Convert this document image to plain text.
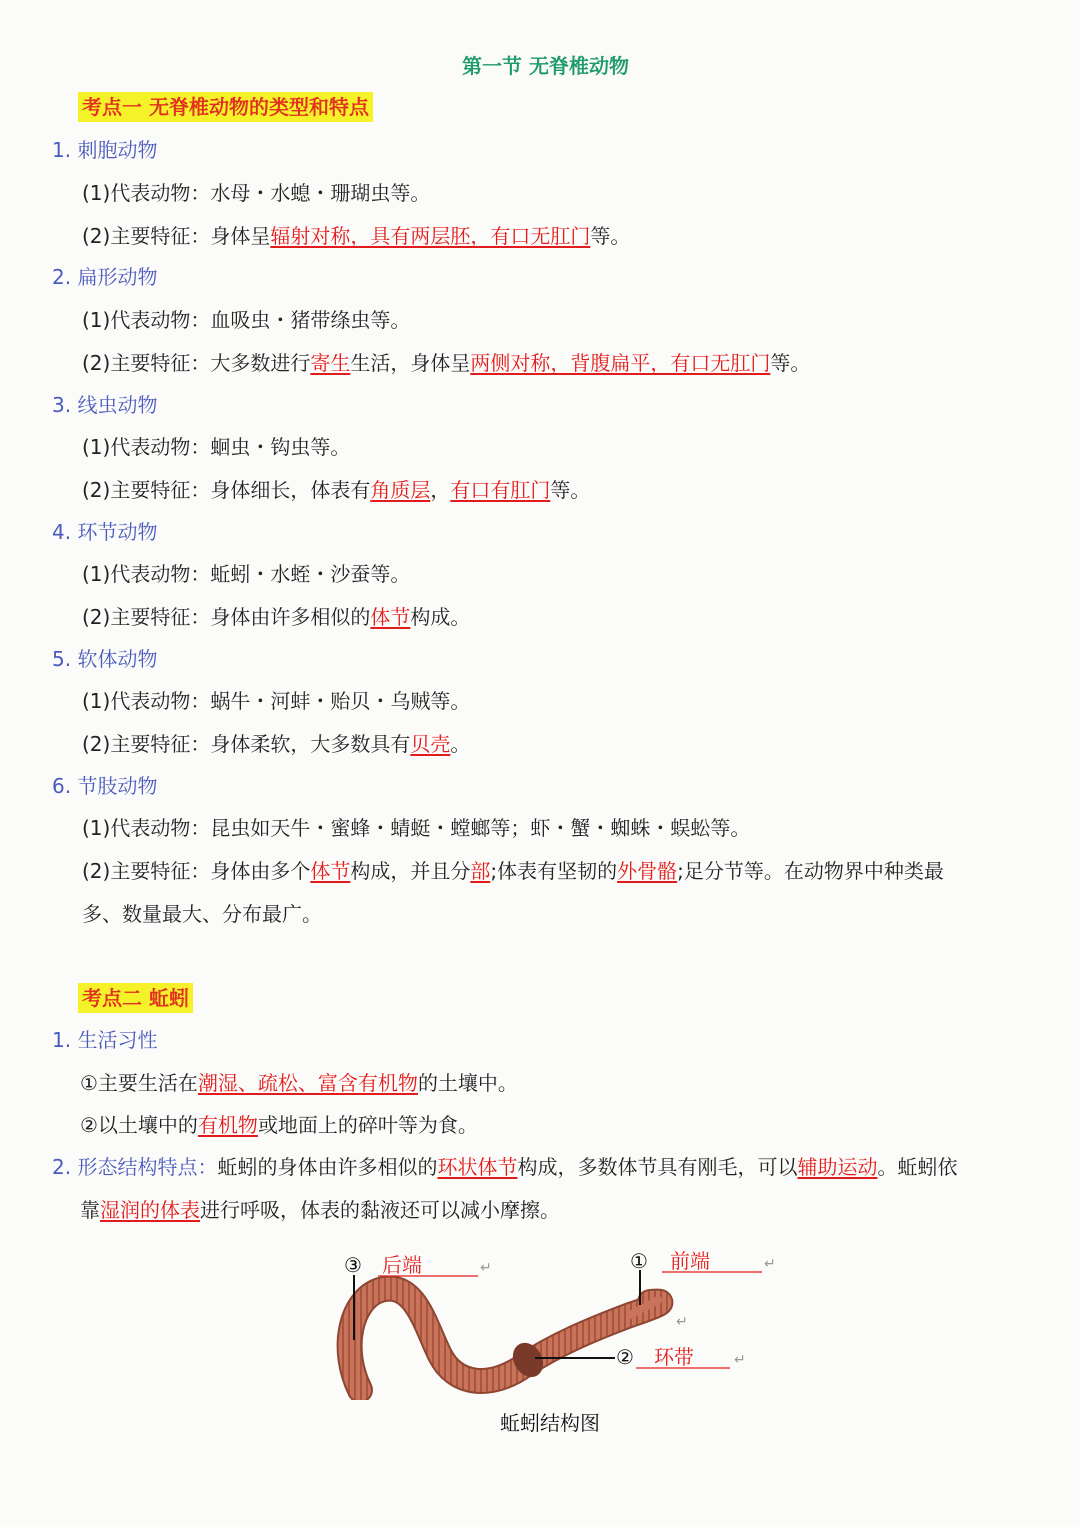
第一节 无脊椎动物
考点一 无脊椎动物的类型和特点
1. 刺胞动物
(1)代表动物：水母・水螅・珊瑚虫等。
(2)主要特征：身体呈辐射对称，具有两层胚，有口无肛门等。
2. 扁形动物
(1)代表动物：血吸虫・猪带绦虫等。
(2)主要特征：大多数进行寄生生活，身体呈两侧对称，背腹扁平，有口无肛门等。
3. 线虫动物
(1)代表动物：蛔虫・钩虫等。
(2)主要特征：身体细长，体表有角质层，有口有肛门等。
4. 环节动物
(1)代表动物：蚯蚓・水蛭・沙蚕等。
(2)主要特征：身体由许多相似的体节构成。
5. 软体动物
(1)代表动物：蜗牛・河蚌・贻贝・乌贼等。
(2)主要特征：身体柔软，大多数具有贝壳。
6. 节肢动物
(1)代表动物：昆虫如天牛・蜜蜂・蜻蜓・螳螂等；虾・蟹・蜘蛛・蜈蚣等。
(2)主要特征：身体由多个体节构成，并且分部;体表有坚韧的外骨骼;足分节等。在动物界中种类最
多、数量最大、分布最广。
考点二 蚯蚓
1. 生活习性
①主要生活在潮湿、疏松、富含有机物的土壤中。
②以土壤中的有机物或地面上的碎叶等为食。
2. 形态结构特点：蚯蚓的身体由许多相似的环状体节构成，多数体节具有刚毛，可以辅助运动。蚯蚓依
靠湿润的体表进行呼吸，体表的黏液还可以减小摩擦。
③ 后端	↵	① 前端	↵
↵
② 环带	↵
蚯蚓结构图
